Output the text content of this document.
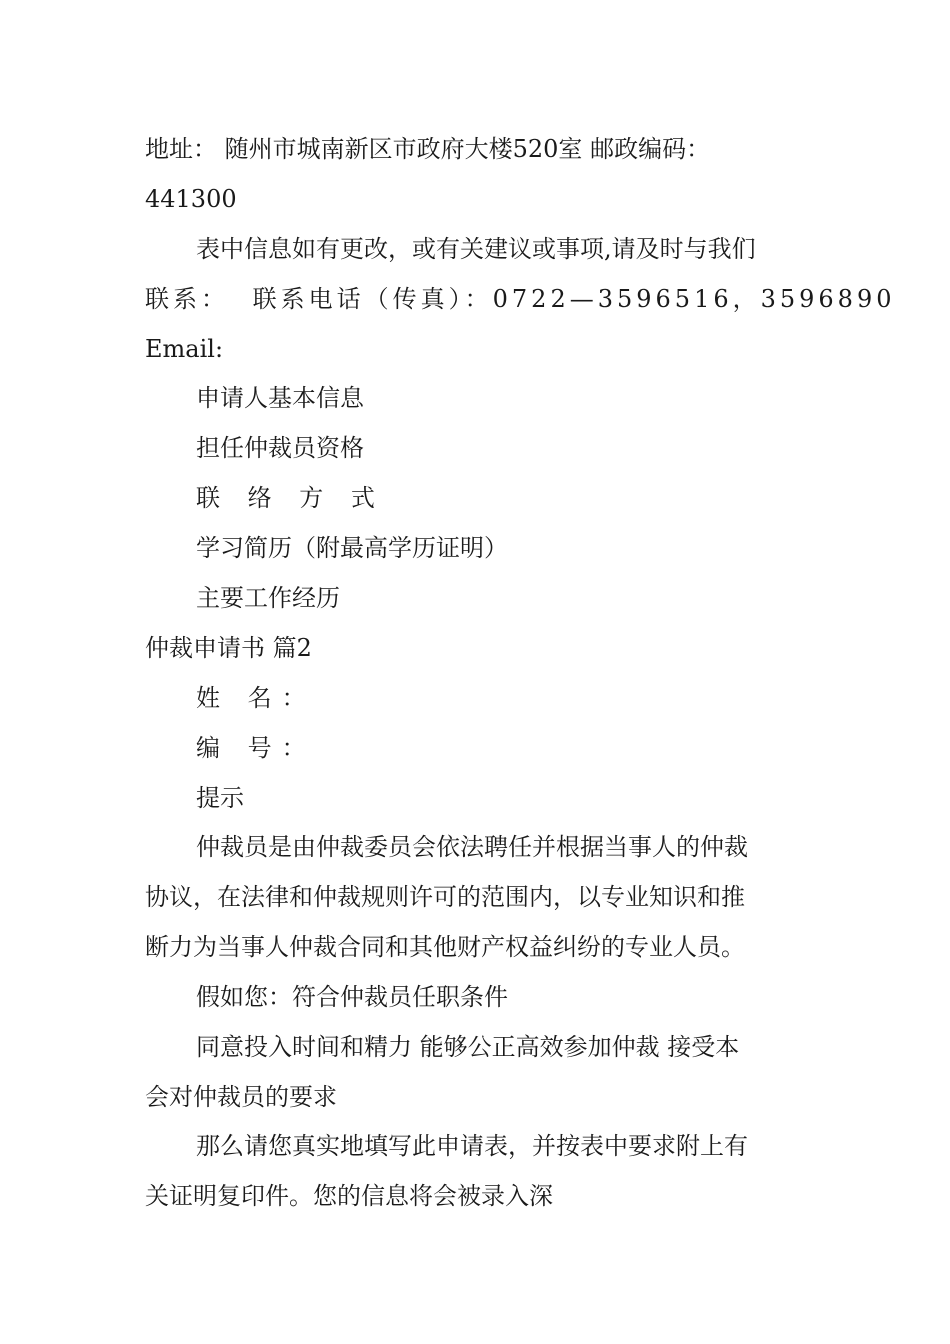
地址： 随州市城南新区市政府大楼520室 邮政编码：
441300
表中信息如有更改，或有关建议或事项,请及时与我们
联系： 联系电话（传真）：0722—3596516，3596890
Email:
申请人基本信息
担任仲裁员资格
联 络 方 式
学习简历（附最高学历证明）
主要工作经历
仲裁申请书 篇2
姓 名：
编 号：
提示
仲裁员是由仲裁委员会依法聘任并根据当事人的仲裁
协议，在法律和仲裁规则许可的范围内，以专业知识和推
断力为当事人仲裁合同和其他财产权益纠纷的专业人员。
假如您：符合仲裁员任职条件
同意投入时间和精力 能够公正高效参加仲裁 接受本
会对仲裁员的要求
那么请您真实地填写此申请表，并按表中要求附上有
关证明复印件。您的信息将会被录入深
